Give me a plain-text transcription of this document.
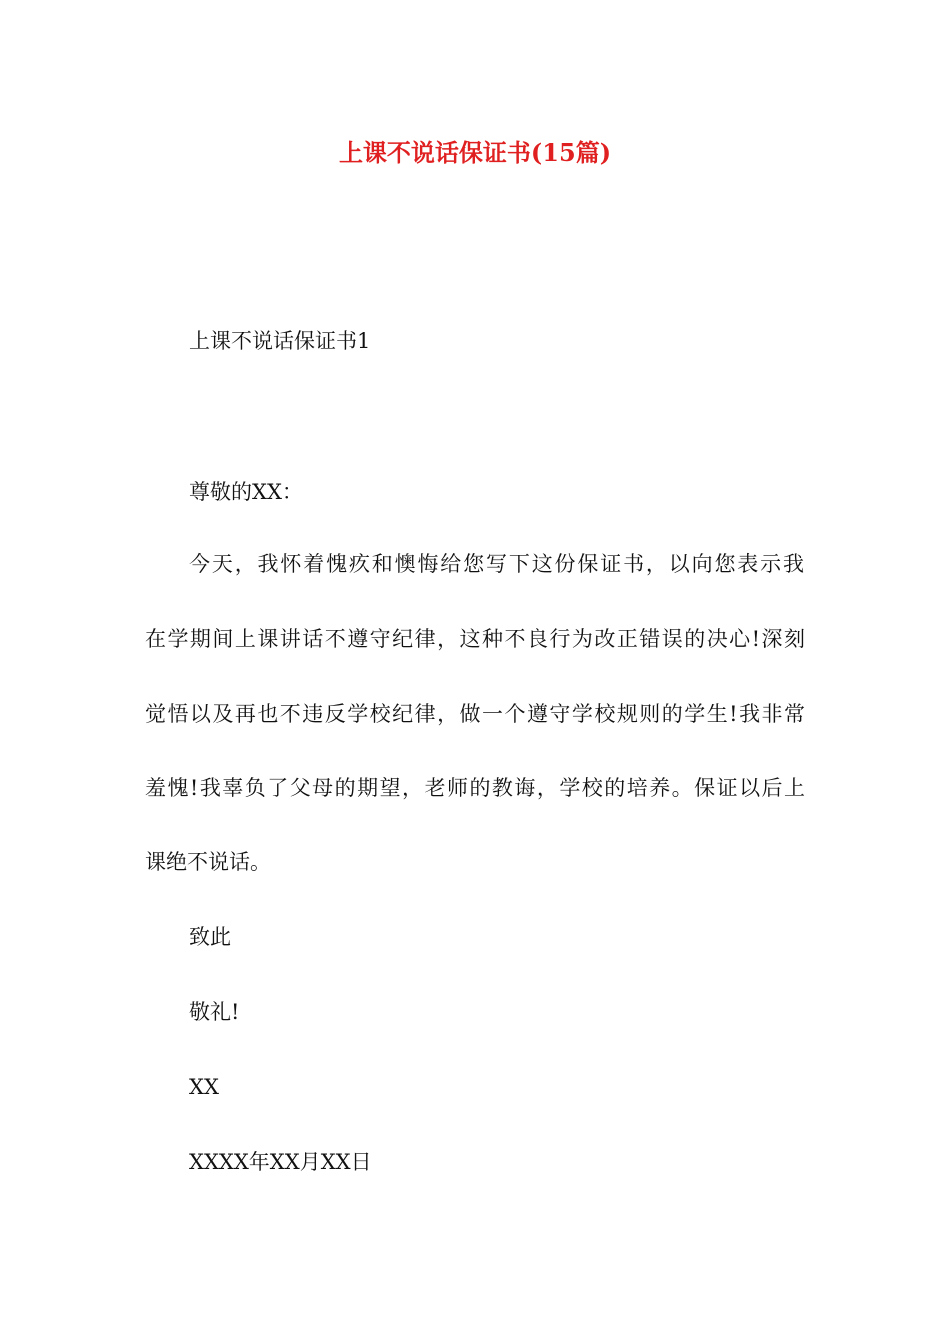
上课不说话保证书(15篇)

上课不说话保证书1

尊敬的XX：

今天，我怀着愧疚和懊悔给您写下这份保证书，以向您表示我

在学期间上课讲话不遵守纪律，这种不良行为改正错误的决心!深刻

觉悟以及再也不违反学校纪律，做一个遵守学校规则的学生!我非常

羞愧!我辜负了父母的期望，老师的教诲，学校的培养。保证以后上

课绝不说话。

致此

敬礼!

XX

XXXX年XX月XX日
